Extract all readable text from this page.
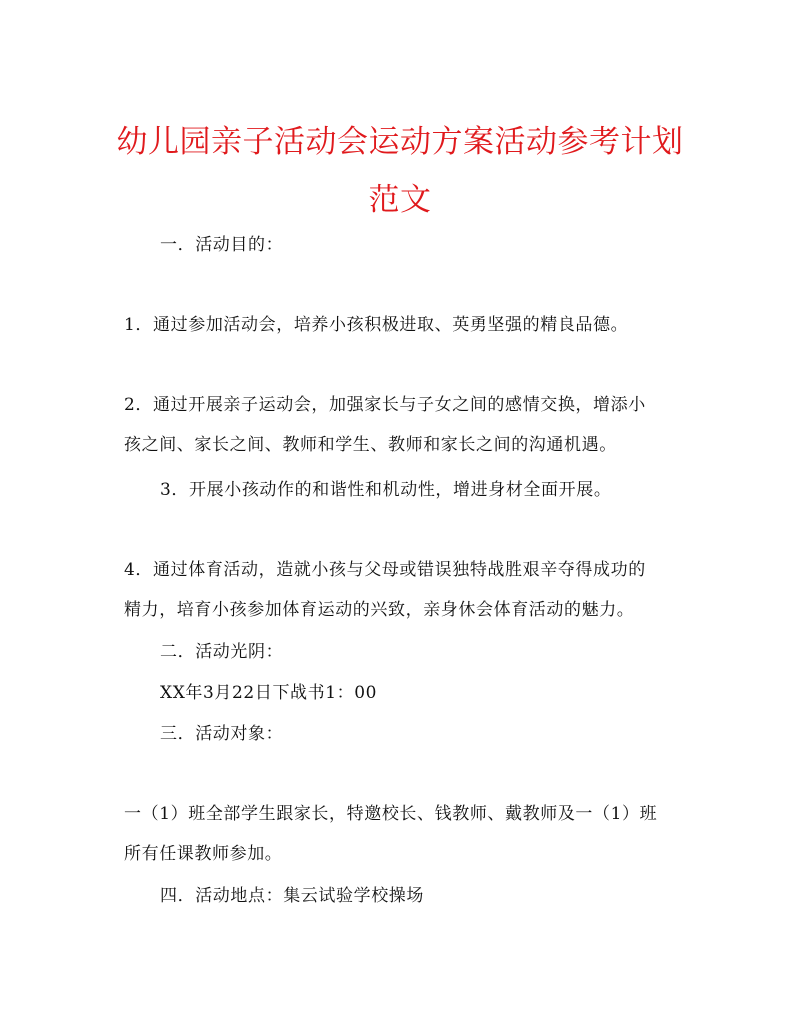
幼儿园亲子活动会运动方案活动参考计划
范文
一．活动目的：
1．通过参加活动会，培养小孩积极进取、英勇坚强的精良品德。
2．通过开展亲子运动会，加强家长与子女之间的感情交换，增添小
孩之间、家长之间、教师和学生、教师和家长之间的沟通机遇。
3．开展小孩动作的和谐性和机动性，增进身材全面开展。
4．通过体育活动，造就小孩与父母或错误独特战胜艰辛夺得成功的
精力，培育小孩参加体育运动的兴致，亲身休会体育活动的魅力。
二．活动光阴：
XX年3月22日下战书1：00
三．活动对象：
一（1）班全部学生跟家长，特邀校长、钱教师、戴教师及一（1）班
所有任课教师参加。
四．活动地点：集云试验学校操场
